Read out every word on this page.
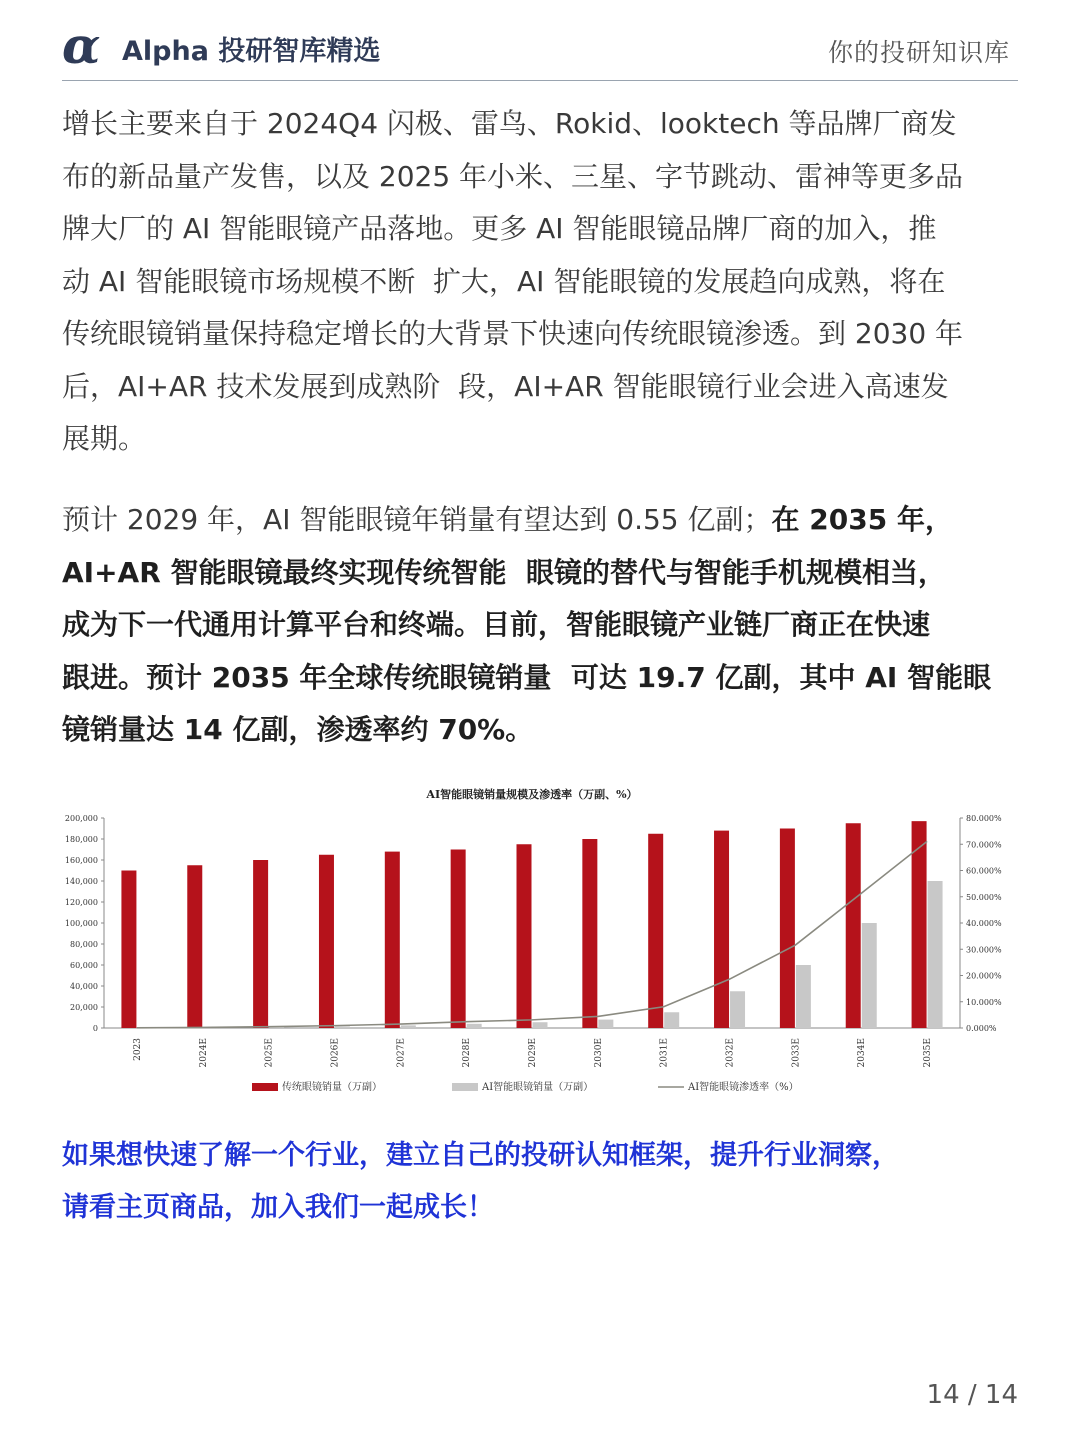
α Alpha 投研智库精选	你的投研知识库

增长主要来自于 2024Q4 闪极、雷鸟、Rokid、looktech 等品牌厂商发
布的新品量产发售，以及 2025 年小米、三星、字节跳动、雷神等更多品
牌大厂的 AI 智能眼镜产品落地。更多 AI 智能眼镜品牌厂商的加入，推
动 AI 智能眼镜市场规模不断  扩大，AI 智能眼镜的发展趋向成熟，将在
传统眼镜销量保持稳定增长的大背景下快速向传统眼镜渗透。到 2030 年
后，AI+AR 技术发展到成熟阶  段，AI+AR 智能眼镜行业会进入高速发
展期。

预计 2029 年，AI 智能眼镜年销量有望达到 0.55 亿副；在 2035 年，
AI+AR 智能眼镜最终实现传统智能  眼镜的替代与智能手机规模相当，
成为下一代通用计算平台和终端。目前，智能眼镜产业链厂商正在快速
跟进。预计 2035 年全球传统眼镜销量  可达 19.7 亿副，其中 AI 智能眼
镜销量达 14 亿副，渗透率约 70%。

AI智能眼镜销量规模及渗透率（万副、%）
0
20,000
40,000
60,000
80,000
100,000
120,000
140,000
160,000
180,000
200,000
0.000%
10.000%
20.000%
30.000%
40.000%
50.000%
60.000%
70.000%
80.000%
2023	2024E	2025E	2026E	2027E	2028E	2029E	2030E	2031E	2032E	2033E	2034E	2035E
传统眼镜销量（万副）	AI智能眼镜销量（万副）	AI智能眼镜渗透率（%）

如果想快速了解一个行业，建立自己的投研认知框架，提升行业洞察，
请看主页商品，加入我们一起成长！

14 / 14
